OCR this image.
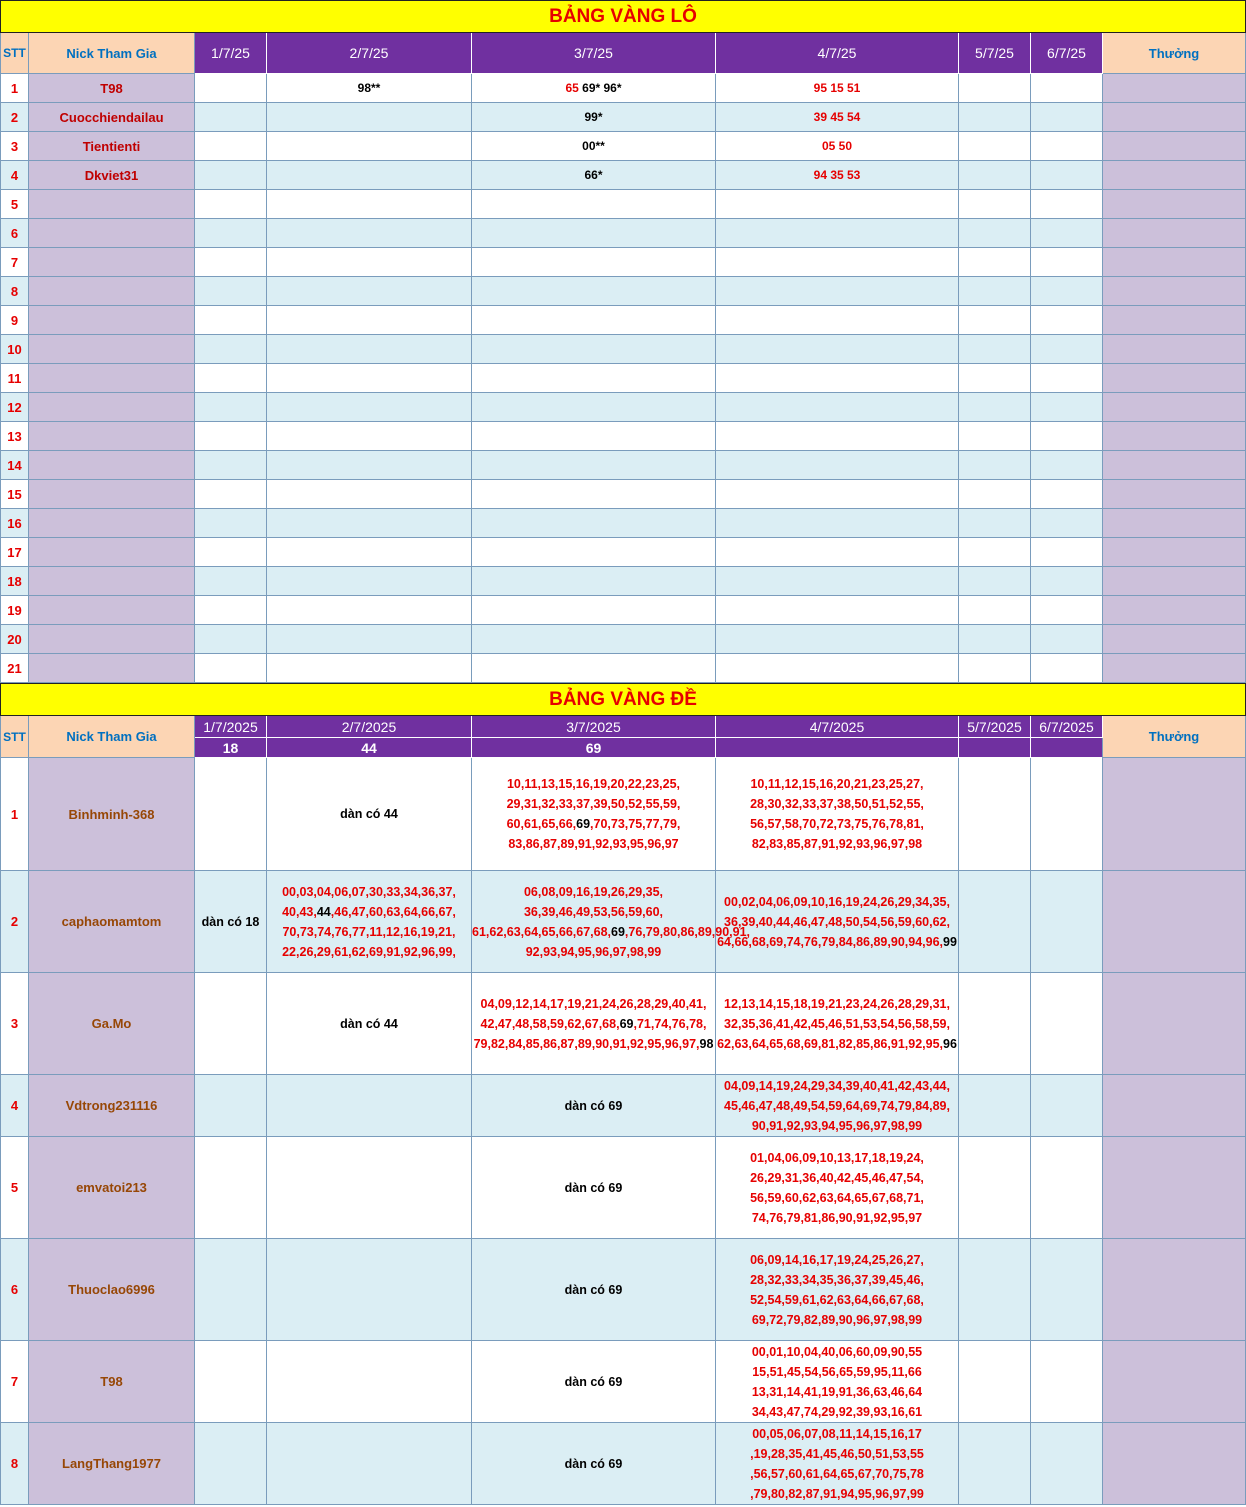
BẢNG VÀNG LÔ								
STT	Nick Tham Gia	1/7/25	2/7/25	3/7/25	4/7/25	5/7/25	6/7/25	Thưởng
1	T98		98**	65 69* 96*	95 15 51			
2	Cuocchiendailau			99*	39 45 54			
3	Tientienti			00**	05 50			
4	Dkviet31			66*	94 35 53			
5								
6								
7								
8								
9								
10								
11								
12								
13								
14								
15								
16								
17								
18								
19								
20								
21								
BẢNG VÀNG ĐỀ								
STT	Nick Tham Gia	1/7/2025	2/7/2025	3/7/2025	4/7/2025	5/7/2025	6/7/2025	Thưởng
		18	44	69				
1	Binhminh-368		dàn có 44	10,11,13,15,16,19,20,22,23,25,
29,31,32,33,37,39,50,52,55,59,
60,61,65,66,69,70,73,75,77,79,
83,86,87,89,91,92,93,95,96,97	10,11,12,15,16,20,21,23,25,27,
28,30,32,33,37,38,50,51,52,55,
56,57,58,70,72,73,75,76,78,81,
82,83,85,87,91,92,93,96,97,98			

2	caphaomamtom	dàn có 18	00,03,04,06,07,30,33,34,36,37,
40,43,44,46,47,60,63,64,66,67,
70,73,74,76,77,11,12,16,19,21,
22,26,29,61,62,69,91,92,96,99,	06,08,09,16,19,26,29,35,
36,39,46,49,53,56,59,60,
61,62,63,64,65,66,67,68,69,76,79,80,86,89,90,91,
92,93,94,95,96,97,98,99	00,02,04,06,09,10,16,19,24,26,29,34,35,
36,39,40,44,46,47,48,50,54,56,59,60,62,
64,66,68,69,74,76,79,84,86,89,90,94,96,99			

3	Ga.Mo		dàn có 44	04,09,12,14,17,19,21,24,26,28,29,40,41,
42,47,48,58,59,62,67,68,69,71,74,76,78,
79,82,84,85,86,87,89,90,91,92,95,96,97,98	12,13,14,15,18,19,21,23,24,26,28,29,31,
32,35,36,41,42,45,46,51,53,54,56,58,59,
62,63,64,65,68,69,81,82,85,86,91,92,95,96			

4	Vdtrong231116			dàn có 69	04,09,14,19,24,29,34,39,40,41,42,43,44,
45,46,47,48,49,54,59,64,69,74,79,84,89,
90,91,92,93,94,95,96,97,98,99			

5	emvatoi213			dàn có 69	01,04,06,09,10,13,17,18,19,24,
26,29,31,36,40,42,45,46,47,54,
56,59,60,62,63,64,65,67,68,71,
74,76,79,81,86,90,91,92,95,97			

6	Thuoclao6996			dàn có 69	06,09,14,16,17,19,24,25,26,27,
28,32,33,34,35,36,37,39,45,46,
52,54,59,61,62,63,64,66,67,68,
69,72,79,82,89,90,96,97,98,99			

7	T98			dàn có 69	00,01,10,04,40,06,60,09,90,55
15,51,45,54,56,65,59,95,11,66
13,31,14,41,19,91,36,63,46,64
34,43,47,74,29,92,39,93,16,61			

8	LangThang1977			dàn có 69	00,05,06,07,08,11,14,15,16,17
,19,28,35,41,45,46,50,51,53,55
,56,57,60,61,64,65,67,70,75,78
,79,80,82,87,91,94,95,96,97,99			
